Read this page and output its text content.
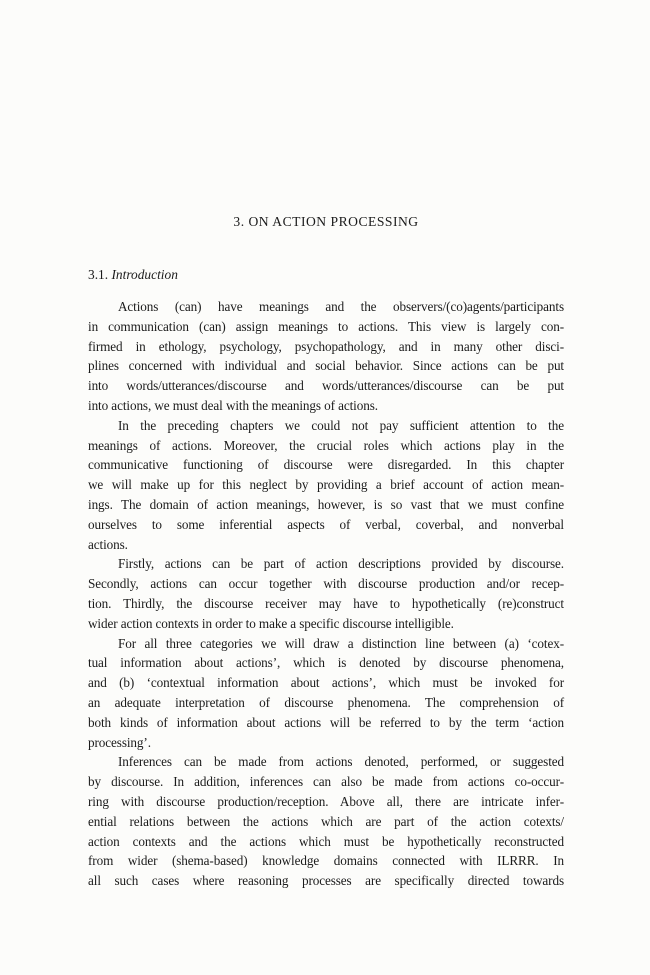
3. ON ACTION PROCESSING
3.1. Introduction
Actions (can) have meanings and the observers/(co)agents/participants
in communication (can) assign meanings to actions. This view is largely con-
firmed in ethology, psychology, psychopathology, and in many other disci-
plines concerned with individual and social behavior. Since actions can be put
into words/utterances/discourse and words/utterances/discourse can be put
into actions, we must deal with the meanings of actions.
In the preceding chapters we could not pay sufficient attention to the
meanings of actions. Moreover, the crucial roles which actions play in the
communicative functioning of discourse were disregarded. In this chapter
we will make up for this neglect by providing a brief account of action mean-
ings. The domain of action meanings, however, is so vast that we must confine
ourselves to some inferential aspects of verbal, coverbal, and nonverbal
actions.
Firstly, actions can be part of action descriptions provided by discourse.
Secondly, actions can occur together with discourse production and/or recep-
tion. Thirdly, the discourse receiver may have to hypothetically (re)construct
wider action contexts in order to make a specific discourse intelligible.
For all three categories we will draw a distinction line between (a) ‘cotex-
tual information about actions’, which is denoted by discourse phenomena,
and (b) ‘contextual information about actions’, which must be invoked for
an adequate interpretation of discourse phenomena. The comprehension of
both kinds of information about actions will be referred to by the term ‘action
processing’.
Inferences can be made from actions denoted, performed, or suggested
by discourse. In addition, inferences can also be made from actions co-occur-
ring with discourse production/reception. Above all, there are intricate infer-
ential relations between the actions which are part of the action cotexts/
action contexts and the actions which must be hypothetically reconstructed
from wider (shema-based) knowledge domains connected with ILRRR. In
all such cases where reasoning processes are specifically directed towards
